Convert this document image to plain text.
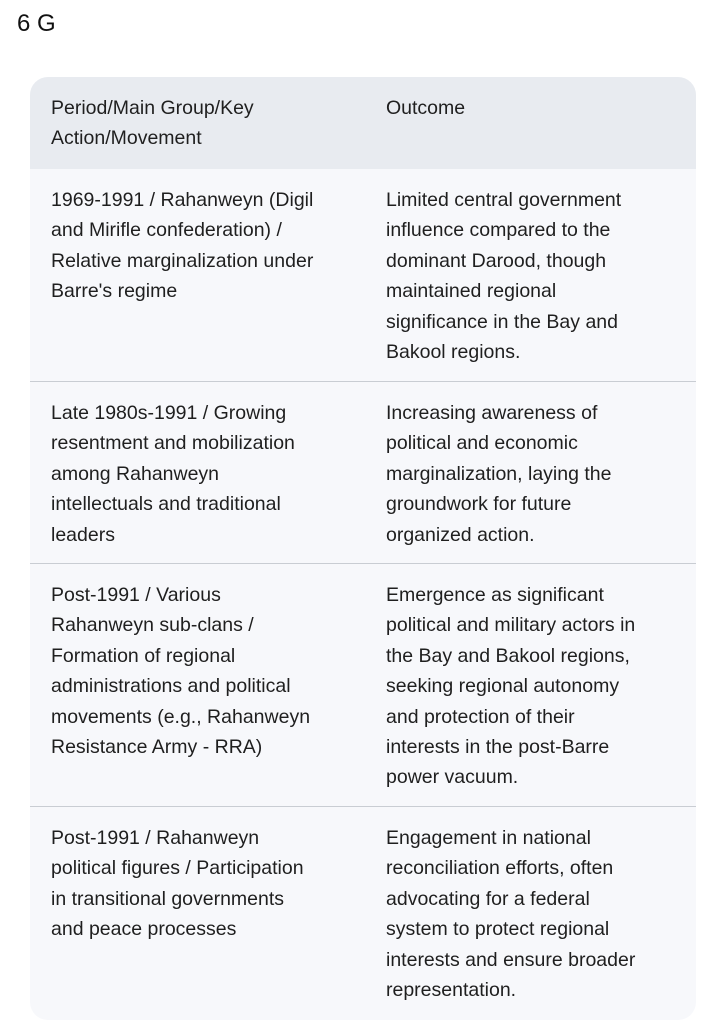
6 G
Period/Main Group/Key
Action/Movement
Outcome
1969-1991 / Rahanweyn (Digil
and Mirifle confederation) /
Relative marginalization under
Barre's regime
Limited central government
influence compared to the
dominant Darood, though
maintained regional
significance in the Bay and
Bakool regions.
Late 1980s-1991 / Growing
resentment and mobilization
among Rahanweyn
intellectuals and traditional
leaders
Increasing awareness of
political and economic
marginalization, laying the
groundwork for future
organized action.
Post-1991 / Various
Rahanweyn sub-clans /
Formation of regional
administrations and political
movements (e.g., Rahanweyn
Resistance Army - RRA)
Emergence as significant
political and military actors in
the Bay and Bakool regions,
seeking regional autonomy
and protection of their
interests in the post-Barre
power vacuum.
Post-1991 / Rahanweyn
political figures / Participation
in transitional governments
and peace processes
Engagement in national
reconciliation efforts, often
advocating for a federal
system to protect regional
interests and ensure broader
representation.
